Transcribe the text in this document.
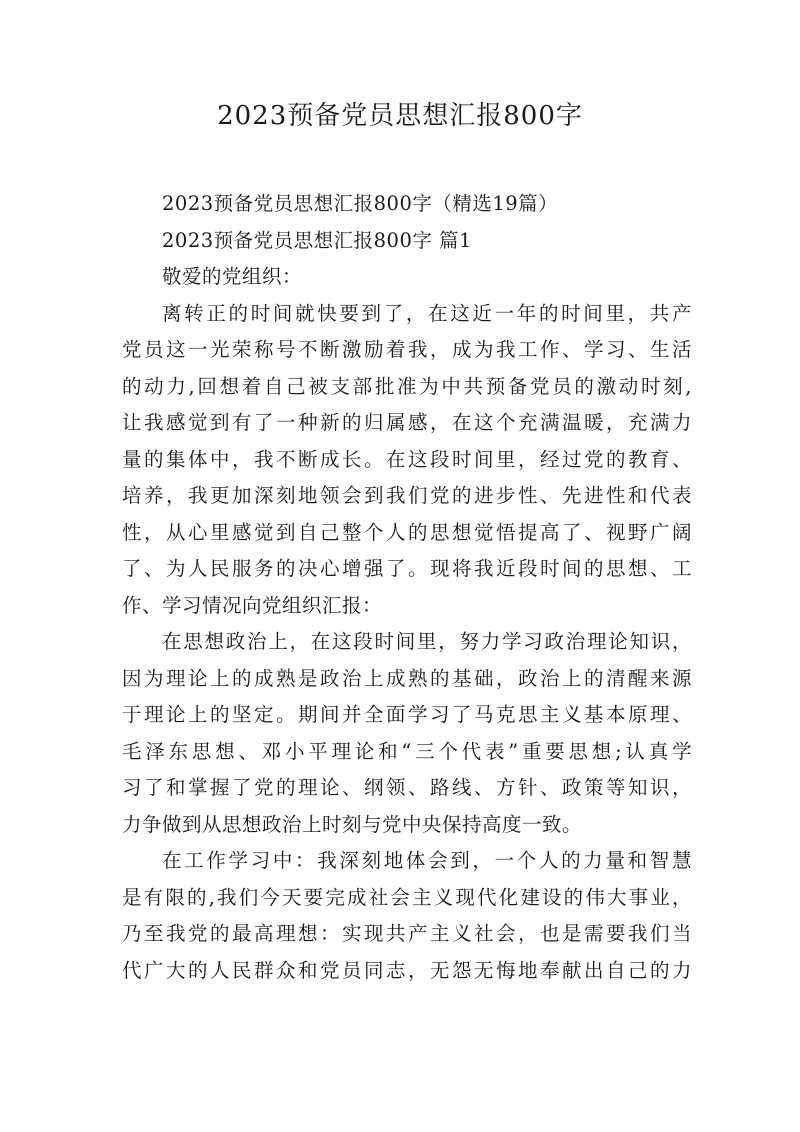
2023预备党员思想汇报800字

2023预备党员思想汇报800字（精选19篇）

2023预备党员思想汇报800字 篇1

敬爱的党组织：

离转正的时间就快要到了，在这近一年的时间里，共产

党员这一光荣称号不断激励着我，成为我工作、学习、生活

的动力,回想着自己被支部批准为中共预备党员的激动时刻,

让我感觉到有了一种新的归属感，在这个充满温暖，充满力

量的集体中，我不断成长。在这段时间里，经过党的教育、

培养，我更加深刻地领会到我们党的进步性、先进性和代表

性，从心里感觉到自己整个人的思想觉悟提高了、视野广阔

了、为人民服务的决心增强了。现将我近段时间的思想、工

作、学习情况向党组织汇报：

在思想政治上，在这段时间里，努力学习政治理论知识，

因为理论上的成熟是政治上成熟的基础，政治上的清醒来源

于理论上的坚定。期间并全面学习了马克思主义基本原理、

毛泽东思想、邓小平理论和“三个代表”重要思想;认真学

习了和掌握了党的理论、纲领、路线、方针、政策等知识，

力争做到从思想政治上时刻与党中央保持高度一致。

在工作学习中：我深刻地体会到，一个人的力量和智慧

是有限的,我们今天要完成社会主义现代化建设的伟大事业，

乃至我党的最高理想：实现共产主义社会，也是需要我们当

代广大的人民群众和党员同志，无怨无悔地奉献出自己的力
